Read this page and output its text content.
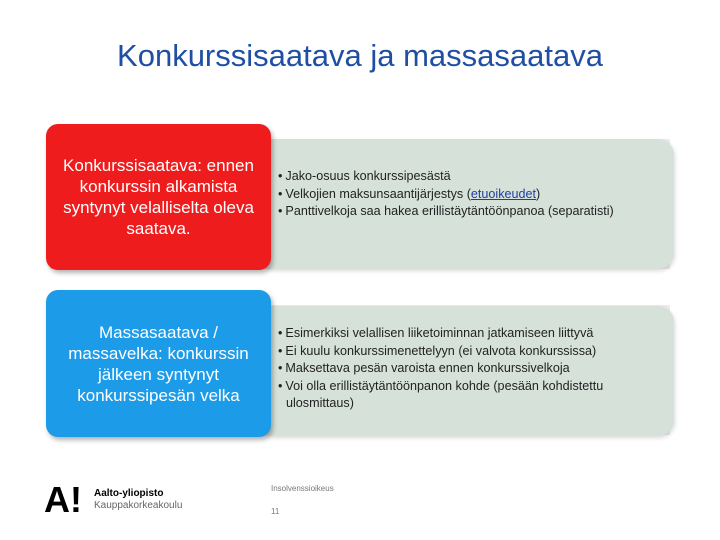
Konkurssisaatava ja massasaatava
• Jako-osuus konkurssipesästä
• Velkojien maksunsaantijärjestys (etuoikeudet)
• Panttivelkoja saa hakea erillistäytäntöönpanoa (separatisti)
• Esimerkiksi velallisen liiketoiminnan jatkamiseen liittyvä
• Ei kuulu konkurssimenettelyyn (ei valvota konkurssissa)
• Maksettava pesän varoista ennen konkurssivelkoja
• Voi olla erillistäytäntöönpanon kohde (pesään kohdistettu ulosmittaus)
Konkurssisaatava: ennen konkurssin alkamista syntynyt velalliselta oleva saatava.
Massasaatava / massavelka: konkurssin jälkeen syntynyt konkurssipesän velka
A! Aalto-yliopisto
Kauppakorkeakoulu
Insolvenssioikeus
11
